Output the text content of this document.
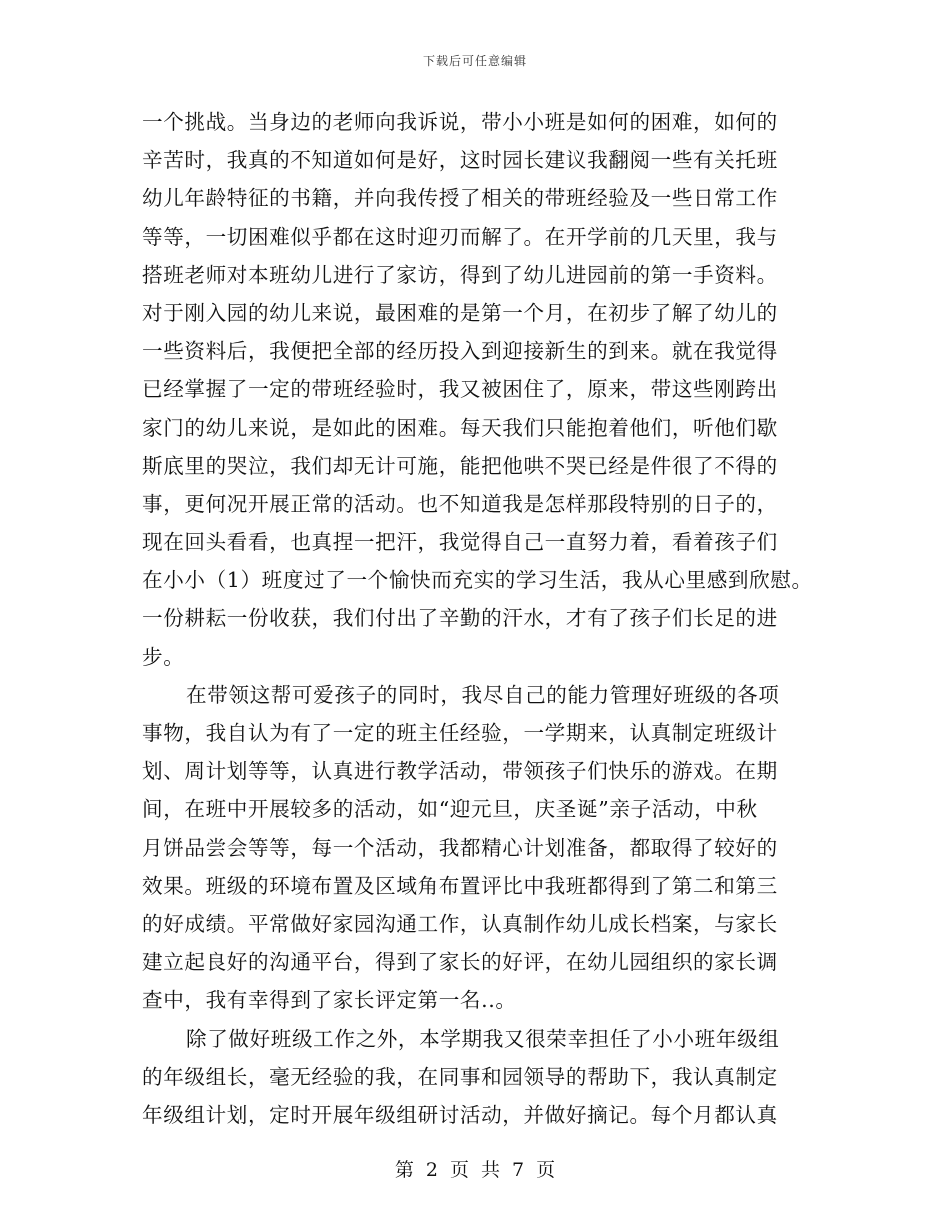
下载后可任意编辑
一个挑战。当身边的老师向我诉说，带小小班是如何的困难，如何的
辛苦时，我真的不知道如何是好，这时园长建议我翻阅一些有关托班
幼儿年龄特征的书籍，并向我传授了相关的带班经验及一些日常工作
等等，一切困难似乎都在这时迎刃而解了。在开学前的几天里，我与
搭班老师对本班幼儿进行了家访，得到了幼儿进园前的第一手资料。
对于刚入园的幼儿来说，最困难的是第一个月，在初步了解了幼儿的
一些资料后，我便把全部的经历投入到迎接新生的到来。就在我觉得
已经掌握了一定的带班经验时，我又被困住了，原来，带这些刚跨出
家门的幼儿来说，是如此的困难。每天我们只能抱着他们，听他们歇
斯底里的哭泣，我们却无计可施，能把他哄不哭已经是件很了不得的
事，更何况开展正常的活动。也不知道我是怎样那段特别的日子的，
现在回头看看，也真捏一把汗，我觉得自己一直努力着，看着孩子们
在小小（1）班度过了一个愉快而充实的学习生活，我从心里感到欣慰。
一份耕耘一份收获，我们付出了辛勤的汗水，才有了孩子们长足的进
步。
在带领这帮可爱孩子的同时，我尽自己的能力管理好班级的各项
事物，我自认为有了一定的班主任经验，一学期来，认真制定班级计
划、周计划等等，认真进行教学活动，带领孩子们快乐的游戏。在期
间，在班中开展较多的活动，如“迎元旦，庆圣诞”亲子活动，中秋
月饼品尝会等等，每一个活动，我都精心计划准备，都取得了较好的
效果。班级的环境布置及区域角布置评比中我班都得到了第二和第三
的好成绩。平常做好家园沟通工作，认真制作幼儿成长档案，与家长
建立起良好的沟通平台，得到了家长的好评，在幼儿园组织的家长调
查中，我有幸得到了家长评定第一名..。
除了做好班级工作之外，本学期我又很荣幸担任了小小班年级组
的年级组长，毫无经验的我，在同事和园领导的帮助下，我认真制定
年级组计划，定时开展年级组研讨活动，并做好摘记。每个月都认真
第 2 页 共 7 页
